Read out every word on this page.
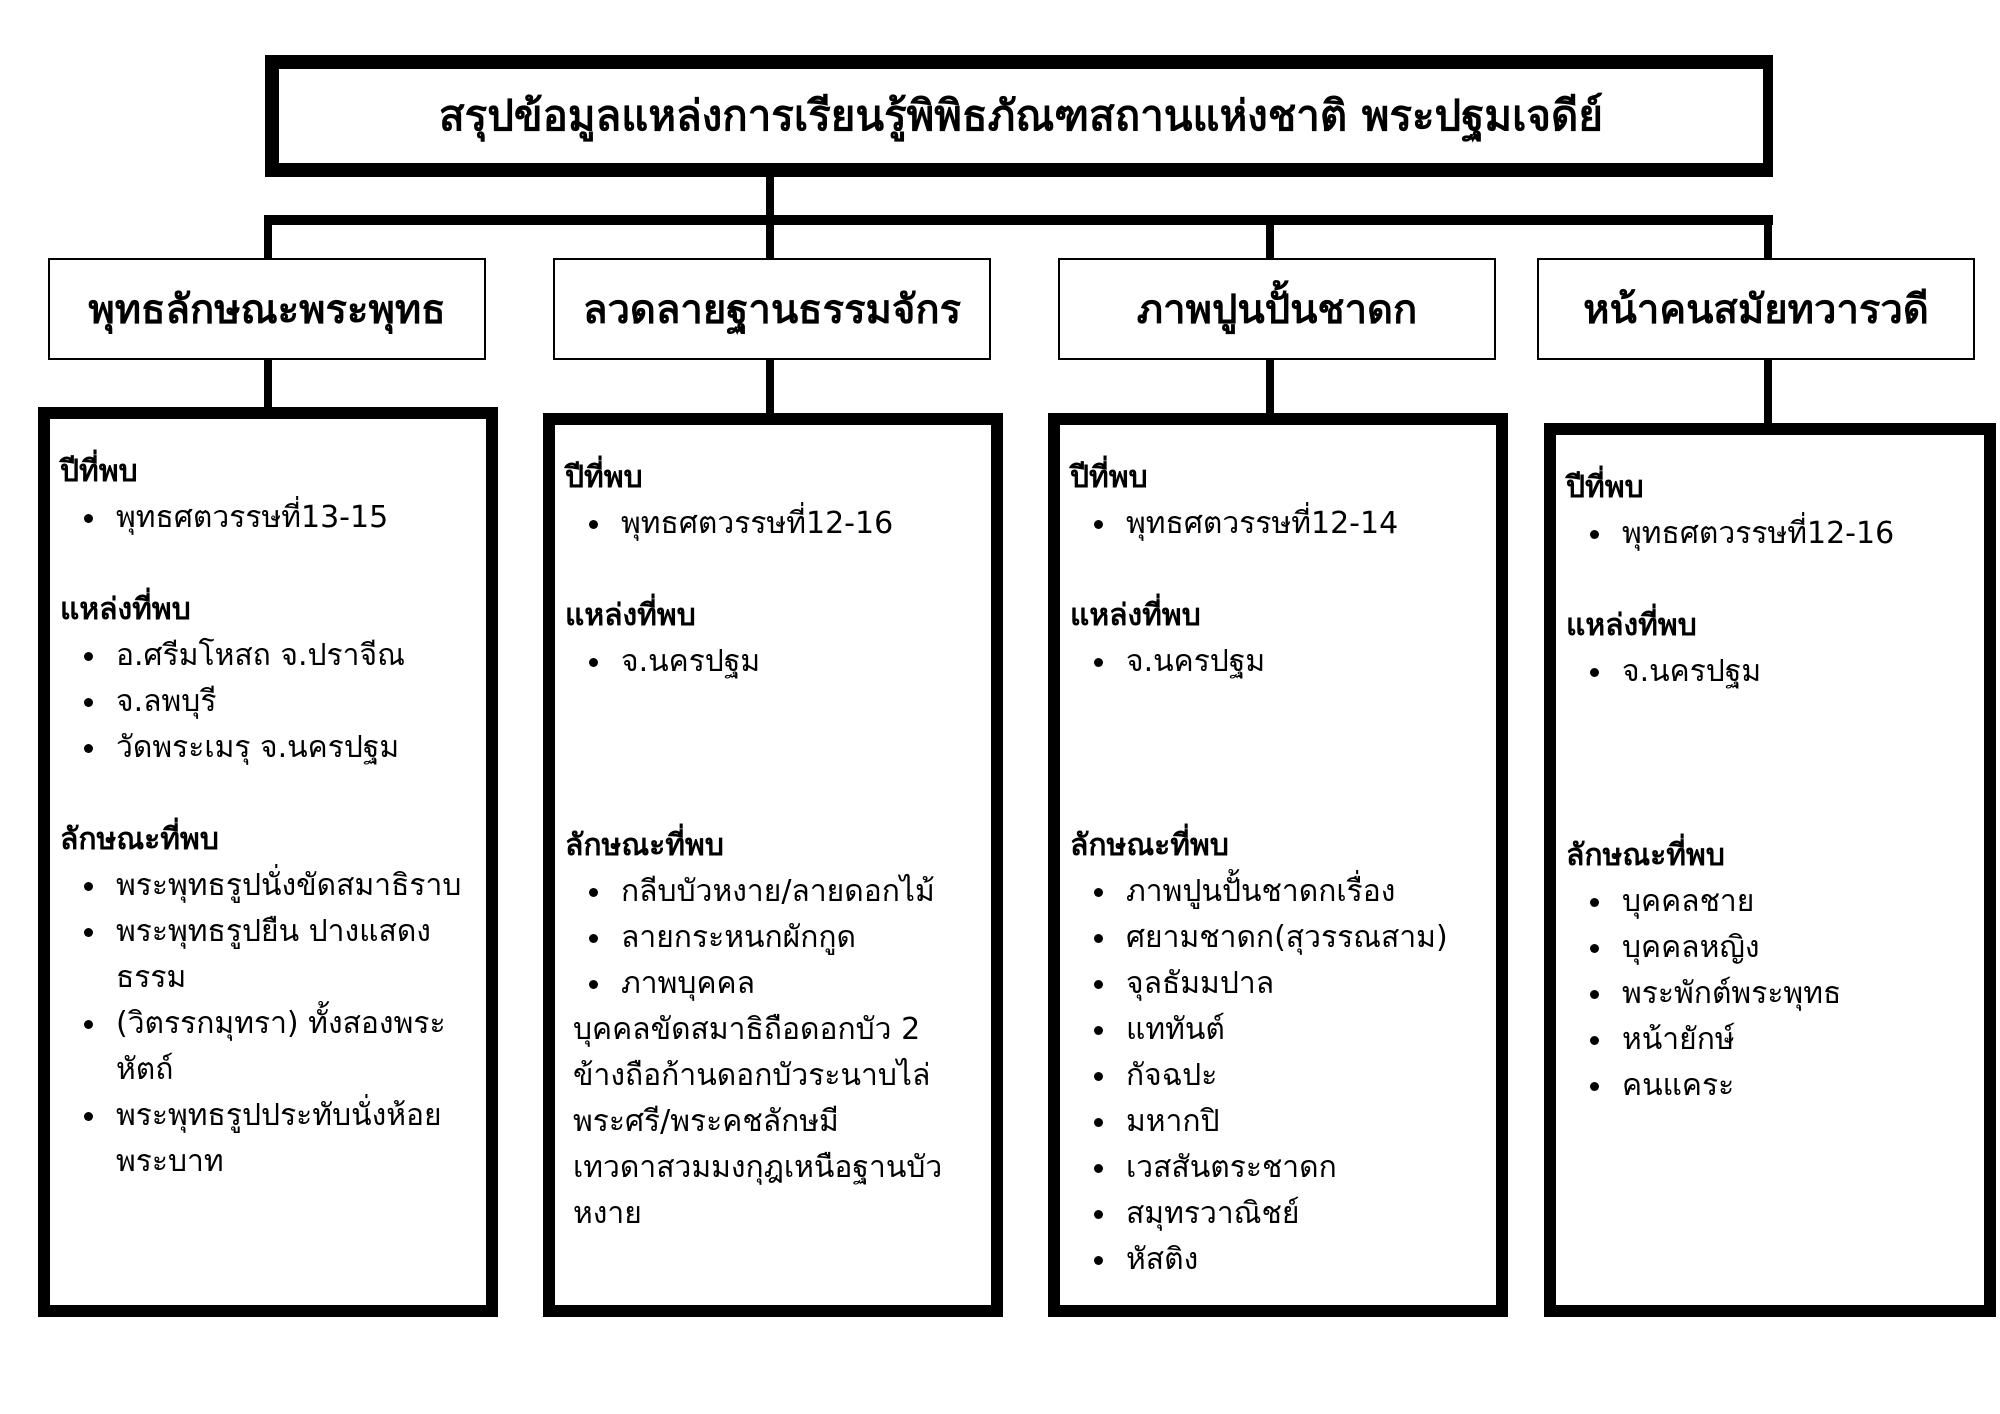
สรุปข้อมูลแหล่งการเรียนรู้พิพิธภัณฑสถานแห่งชาติ พระปฐมเจดีย์
พุทธลักษณะพระพุทธ	ลวดลายฐานธรรมจักร	ภาพปูนปั้นชาดก	หน้าคนสมัยทวารวดี

ปีที่พบ

พุทธศตวรรษที่13-15

แหล่งที่พบ

อ.ศรีมโหสถ จ.ปราจีณ
จ.ลพบุรี
วัดพระเมรุ จ.นครปฐม

ลักษณะที่พบ

พระพุทธรูปนั่งขัดสมาธิราบ
พระพุทธรูปยืน ปางแสดงธรรม
(วิตรรกมุทรา) ทั้งสองพระหัตถ์
พระพุทธรูปประทับนั่งห้อยพระบาท

ปีที่พบ

พุทธศตวรรษที่12-16

แหล่งที่พบ

จ.นครปฐม

ลักษณะที่พบ

กลีบบัวหงาย/ลายดอกไม้
ลายกระหนกผักกูด
ภาพบุคคล

บุคคลขัดสมาธิถือดอกบัว 2
ข้างถือก้านดอกบัวระนาบไล่
พระศรี/พระคชลักษมี
เทวดาสวมมงกุฎเหนือฐานบัว
หงาย

ปีที่พบ

พุทธศตวรรษที่12-14

แหล่งที่พบ

จ.นครปฐม

ลักษณะที่พบ

ภาพปูนปั้นชาดกเรื่อง
ศยามชาดก(สุวรรณสาม)
จุลธัมมปาล
แททันต์
กัจฉปะ
มหากปิ
เวสสันตระชาดก
สมุทรวาณิชย์
หัสติง

ปีที่พบ

พุทธศตวรรษที่12-16

แหล่งที่พบ

จ.นครปฐม

ลักษณะที่พบ

บุคคลชาย
บุคคลหญิง
พระพักต์พระพุทธ
หน้ายักษ์
คนแคระ
